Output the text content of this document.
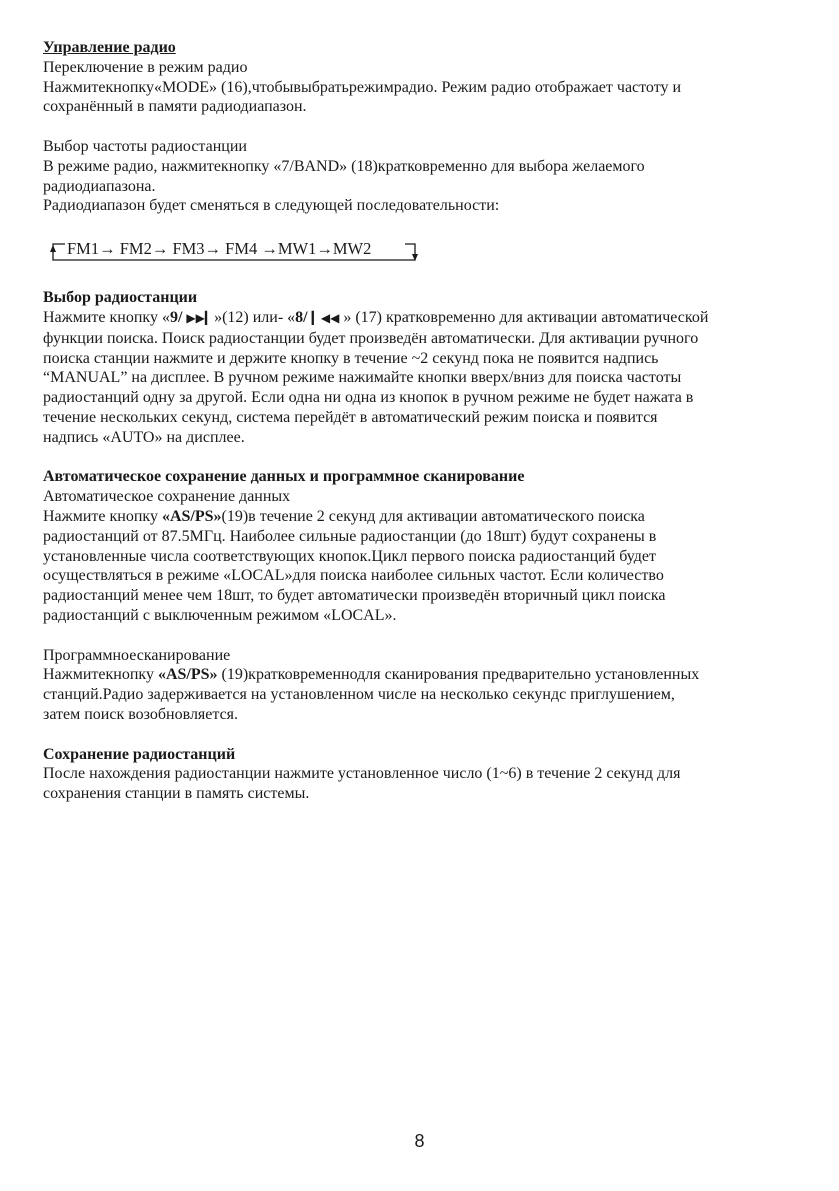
Управление радио
Переключение в режим радио
Нажмитекнопку«MODE» (16),чтобывыбратьрежимрадио. Режим радио отображает частоту и
сохранённый в памяти радиодиапазон.
Выбор частоты радиостанции
В режиме радио, нажмитекнопку «7/BAND» (18)кратковременно для выбора желаемого
радиодиапазона.
Радиодиапазон будет сменяться в следующей последовательности:
FM1→ FM2→ FM3→ FM4 →MW1→MW2
Выбор радиостанции
Нажмите кнопку «9/ ▶▶▎»(12) или- «8/ ▎◀◀ » (17) кратковременно для активации автоматической
функции поиска. Поиск радиостанции будет произведён автоматически. Для активации ручного
поиска станции нажмите и держите кнопку в течение ~2 секунд пока не появится надпись
“MANUAL” на дисплее. В ручном режиме нажимайте кнопки вверх/вниз для поиска частоты
радиостанций одну за другой. Если одна ни одна из кнопок в ручном режиме не будет нажата в
течение нескольких секунд, система перейдёт в автоматический режим поиска и появится
надпись «AUTO» на дисплее.
Автоматическое сохранение данных и программное сканирование
Автоматическое сохранение данных
Нажмите кнопку «AS/PS»(19)в течение 2 секунд для активации автоматического поиска
радиостанций от 87.5МГц. Наиболее сильные радиостанции (до 18шт) будут сохранены в
установленные числа соответствующих кнопок.Цикл первого поиска радиостанций будет
осуществляться в режиме «LOCAL»для поиска наиболее сильных частот. Если количество
радиостанций менее чем 18шт, то будет автоматически произведён вторичный цикл поиска
радиостанций с выключенным режимом «LOCAL».
Программноесканирование
Нажмитекнопку «AS/PS» (19)кратковременнодля сканирования предварительно установленных
станций.Радио задерживается на установленном числе на несколько секундс приглушением,
затем поиск возобновляется.
Сохранение радиостанций
После нахождения радиостанции нажмите установленное число (1~6) в течение 2 секунд для
сохранения станции в память системы.
8
